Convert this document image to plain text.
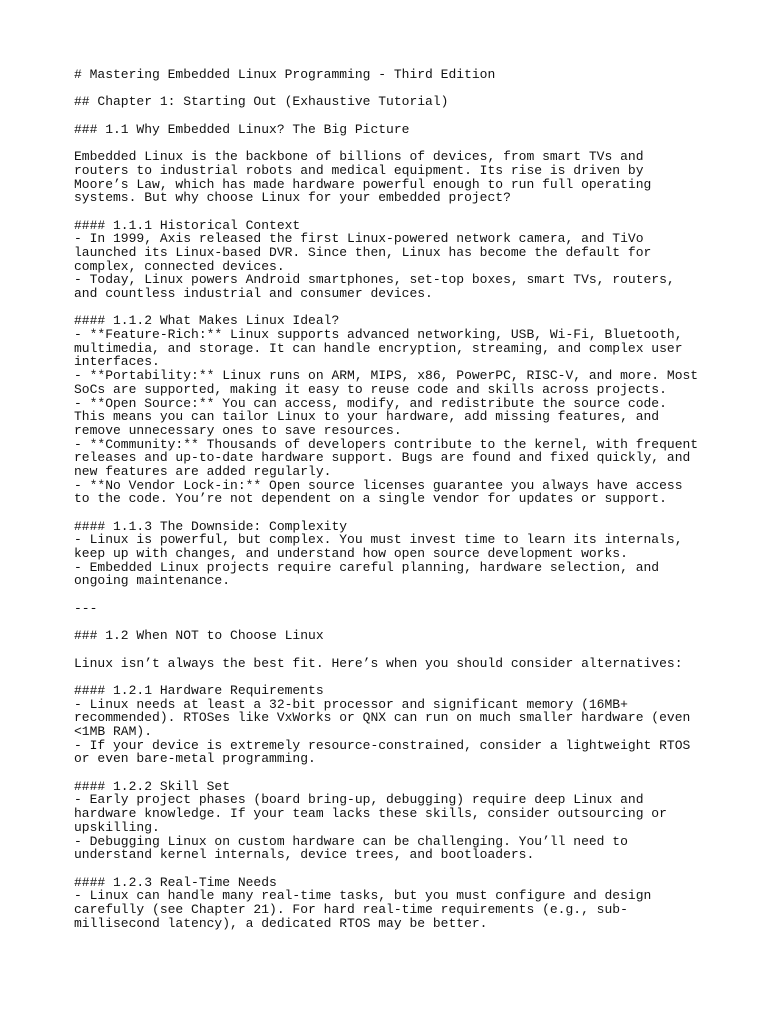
# Mastering Embedded Linux Programming - Third Edition
## Chapter 1: Starting Out (Exhaustive Tutorial)
### 1.1 Why Embedded Linux? The Big Picture
Embedded Linux is the backbone of billions of devices, from smart TVs and
routers to industrial robots and medical equipment. Its rise is driven by
Moore’s Law, which has made hardware powerful enough to run full operating
systems. But why choose Linux for your embedded project?
#### 1.1.1 Historical Context
- In 1999, Axis released the first Linux-powered network camera, and TiVo
launched its Linux-based DVR. Since then, Linux has become the default for
complex, connected devices.
- Today, Linux powers Android smartphones, set-top boxes, smart TVs, routers,
and countless industrial and consumer devices.
#### 1.1.2 What Makes Linux Ideal?
- **Feature-Rich:** Linux supports advanced networking, USB, Wi-Fi, Bluetooth,
multimedia, and storage. It can handle encryption, streaming, and complex user
interfaces.
- **Portability:** Linux runs on ARM, MIPS, x86, PowerPC, RISC-V, and more. Most
SoCs are supported, making it easy to reuse code and skills across projects.
- **Open Source:** You can access, modify, and redistribute the source code.
This means you can tailor Linux to your hardware, add missing features, and
remove unnecessary ones to save resources.
- **Community:** Thousands of developers contribute to the kernel, with frequent
releases and up-to-date hardware support. Bugs are found and fixed quickly, and
new features are added regularly.
- **No Vendor Lock-in:** Open source licenses guarantee you always have access
to the code. You’re not dependent on a single vendor for updates or support.
#### 1.1.3 The Downside: Complexity
- Linux is powerful, but complex. You must invest time to learn its internals,
keep up with changes, and understand how open source development works.
- Embedded Linux projects require careful planning, hardware selection, and
ongoing maintenance.
---
### 1.2 When NOT to Choose Linux
Linux isn’t always the best fit. Here’s when you should consider alternatives:
#### 1.2.1 Hardware Requirements
- Linux needs at least a 32-bit processor and significant memory (16MB+
recommended). RTOSes like VxWorks or QNX can run on much smaller hardware (even
<1MB RAM).
- If your device is extremely resource-constrained, consider a lightweight RTOS
or even bare-metal programming.
#### 1.2.2 Skill Set
- Early project phases (board bring-up, debugging) require deep Linux and
hardware knowledge. If your team lacks these skills, consider outsourcing or
upskilling.
- Debugging Linux on custom hardware can be challenging. You’ll need to
understand kernel internals, device trees, and bootloaders.
#### 1.2.3 Real-Time Needs
- Linux can handle many real-time tasks, but you must configure and design
carefully (see Chapter 21). For hard real-time requirements (e.g., sub-
millisecond latency), a dedicated RTOS may be better.
